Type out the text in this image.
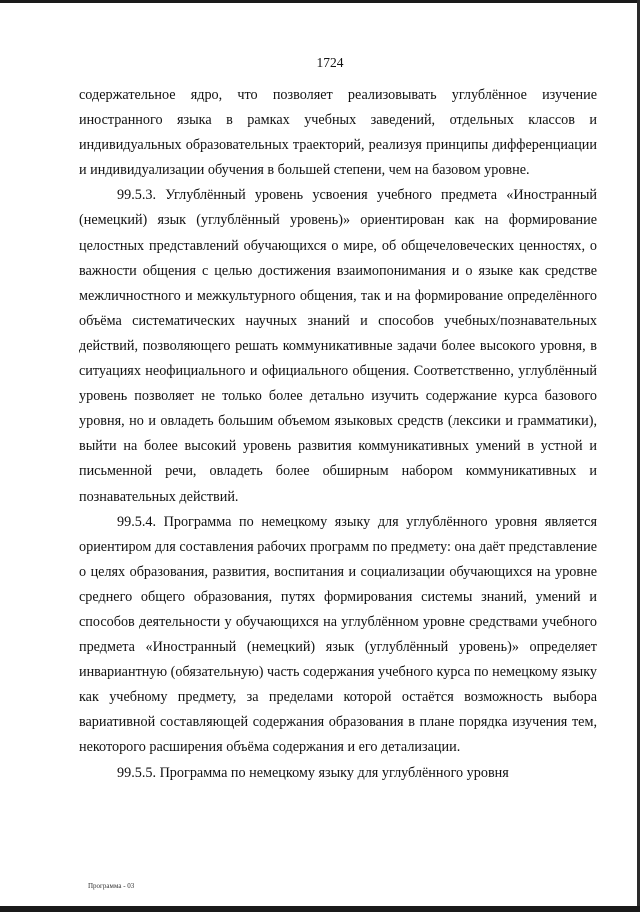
1724

содержательное ядро, что позволяет реализовывать углублённое изучение иностранного языка в рамках учебных заведений, отдельных классов и индивидуальных образовательных траекторий, реализуя принципы дифференциации и индивидуализации обучения в большей степени, чем на базовом уровне.

99.5.3. Углублённый уровень усвоения учебного предмета «Иностранный (немецкий) язык (углублённый уровень)» ориентирован как на формирование целостных представлений обучающихся о мире, об общечеловеческих ценностях, о важности общения с целью достижения взаимопонимания и о языке как средстве межличностного и межкультурного общения, так и на формирование определённого объёма систематических научных знаний и способов учебных/познавательных действий, позволяющего решать коммуникативные задачи более высокого уровня, в ситуациях неофициального и официального общения. Соответственно, углублённый уровень позволяет не только более детально изучить содержание курса базового уровня, но и овладеть большим объемом языковых средств (лексики и грамматики), выйти на более высокий уровень развития коммуникативных умений в устной и письменной речи, овладеть более обширным набором коммуникативных и познавательных действий.

99.5.4. Программа по немецкому языку для углублённого уровня является ориентиром для составления рабочих программ по предмету: она даёт представление о целях образования, развития, воспитания и социализации обучающихся на уровне среднего общего образования, путях формирования системы знаний, умений и способов деятельности у обучающихся на углублённом уровне средствами учебного предмета «Иностранный (немецкий) язык (углублённый уровень)» определяет инвариантную (обязательную) часть содержания учебного курса по немецкому языку как учебному предмету, за пределами которой остаётся возможность выбора вариативной составляющей содержания образования в плане порядка изучения тем, некоторого расширения объёма содержания и его детализации.

99.5.5. Программа по немецкому языку для углублённого уровня

Программа - 03
